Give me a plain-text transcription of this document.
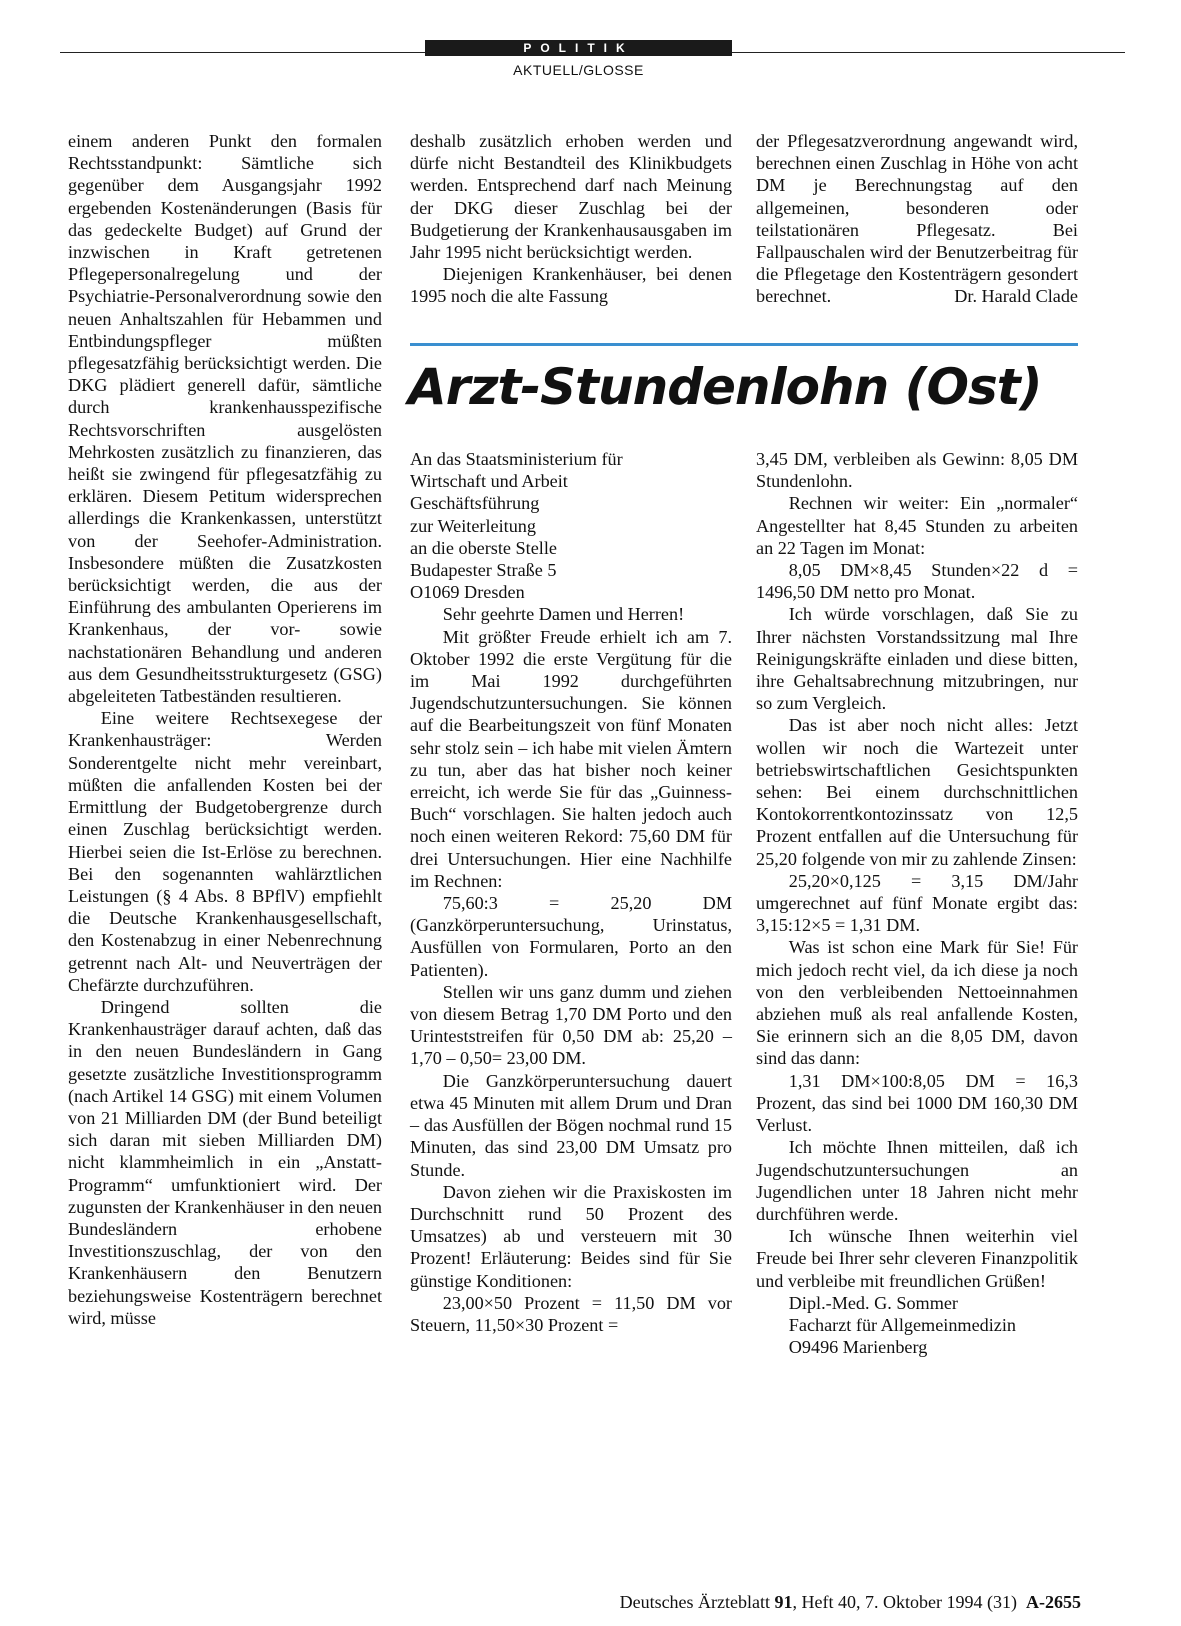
POLITIK
AKTUELL/GLOSSE

einem anderen Punkt den formalen Rechtsstandpunkt: Sämtliche sich gegenüber dem Ausgangsjahr 1992 ergebenden Kostenänderungen (Basis für das gedeckelte Budget) auf Grund der inzwischen in Kraft getretenen Pflegepersonalregelung und der Psychiatrie-Personalverordnung sowie den neuen Anhaltszahlen für Hebammen und Entbindungspfleger müßten pflegesatzfähig berücksichtigt werden. Die DKG plädiert generell dafür, sämtliche durch krankenhausspezifische Rechtsvorschriften ausgelösten Mehrkosten zusätzlich zu finanzieren, das heißt sie zwingend für pflegesatzfähig zu erklären. Diesem Petitum widersprechen allerdings die Krankenkassen, unterstützt von der Seehofer-Administration. Insbesondere müßten die Zusatzkosten berücksichtigt werden, die aus der Einführung des ambulanten Operierens im Krankenhaus, der vor- sowie nachstationären Behandlung und anderen aus dem Gesundheitsstrukturgesetz (GSG) abgeleiteten Tatbeständen resultieren.

Eine weitere Rechtsexegese der Krankenhausträger: Werden Sonderentgelte nicht mehr vereinbart, müßten die anfallenden Kosten bei der Ermittlung der Budgetobergrenze durch einen Zuschlag berücksichtigt werden. Hierbei seien die Ist-Erlöse zu berechnen. Bei den sogenannten wahlärztlichen Leistungen (§ 4 Abs. 8 BPflV) empfiehlt die Deutsche Krankenhausgesellschaft, den Kostenabzug in einer Nebenrechnung getrennt nach Alt- und Neuverträgen der Chefärzte durchzuführen.

Dringend sollten die Krankenhausträger darauf achten, daß das in den neuen Bundesländern in Gang gesetzte zusätzliche Investitionsprogramm (nach Artikel 14 GSG) mit einem Volumen von 21 Milliarden DM (der Bund beteiligt sich daran mit sieben Milliarden DM) nicht klammheimlich in ein „Anstatt-Programm“ umfunktioniert wird. Der zugunsten der Krankenhäuser in den neuen Bundesländern erhobene Investitionszuschlag, der von den Krankenhäusern den Benutzern beziehungsweise Kostenträgern berechnet wird, müsse

deshalb zusätzlich erhoben werden und dürfe nicht Bestandteil des Klinikbudgets werden. Entsprechend darf nach Meinung der DKG dieser Zuschlag bei der Budgetierung der Krankenhausausgaben im Jahr 1995 nicht berücksichtigt werden.

Diejenigen Krankenhäuser, bei denen 1995 noch die alte Fassung

der Pflegesatzverordnung angewandt wird, berechnen einen Zuschlag in Höhe von acht DM je Berechnungstag auf den allgemeinen, besonderen oder teilstationären Pflegesatz. Bei Fallpauschalen wird der Benutzerbeitrag für die Pflegetage den Kostenträgern gesondert berechnet.	Dr. Harald Clade

Arzt-Stundenlohn (Ost)

An das Staatsministerium für

Wirtschaft und Arbeit

Geschäftsführung

zur Weiterleitung

an die oberste Stelle

Budapester Straße 5

O1069 Dresden

Sehr geehrte Damen und Herren!

Mit größter Freude erhielt ich am 7. Oktober 1992 die erste Vergütung für die im Mai 1992 durchgeführten Jugendschutzuntersuchungen. Sie können auf die Bearbeitungszeit von fünf Monaten sehr stolz sein – ich habe mit vielen Ämtern zu tun, aber das hat bisher noch keiner erreicht, ich werde Sie für das „Guinness-Buch“ vorschlagen. Sie halten jedoch auch noch einen weiteren Rekord: 75,60 DM für drei Untersuchungen. Hier eine Nachhilfe im Rechnen:

75,60:3 = 25,20 DM (Ganzkörperuntersuchung, Urinstatus, Ausfüllen von Formularen, Porto an den Patienten).

Stellen wir uns ganz dumm und ziehen von diesem Betrag 1,70 DM Porto und den Urinteststreifen für 0,50 DM ab: 25,20 – 1,70 – 0,50= 23,00 DM.

Die Ganzkörperuntersuchung dauert etwa 45 Minuten mit allem Drum und Dran – das Ausfüllen der Bögen nochmal rund 15 Minuten, das sind 23,00 DM Umsatz pro Stunde.

Davon ziehen wir die Praxiskosten im Durchschnitt rund 50 Prozent des Umsatzes) ab und versteuern mit 30 Prozent! Erläuterung: Beides sind für Sie günstige Konditionen:

23,00×50 Prozent = 11,50 DM vor Steuern, 11,50×30 Prozent =

3,45 DM, verbleiben als Gewinn: 8,05 DM Stundenlohn.

Rechnen wir weiter: Ein „normaler“ Angestellter hat 8,45 Stunden zu arbeiten an 22 Tagen im Monat:

8,05 DM×8,45 Stunden×22 d = 1496,50 DM netto pro Monat.

Ich würde vorschlagen, daß Sie zu Ihrer nächsten Vorstandssitzung mal Ihre Reinigungskräfte einladen und diese bitten, ihre Gehaltsabrechnung mitzubringen, nur so zum Vergleich.

Das ist aber noch nicht alles: Jetzt wollen wir noch die Wartezeit unter betriebswirtschaftlichen Gesichtspunkten sehen: Bei einem durchschnittlichen Kontokorrentkontozinssatz von 12,5 Prozent entfallen auf die Untersuchung für 25,20 folgende von mir zu zahlende Zinsen:

25,20×0,125 = 3,15 DM/Jahr umgerechnet auf fünf Monate ergibt das: 3,15:12×5 = 1,31 DM.

Was ist schon eine Mark für Sie! Für mich jedoch recht viel, da ich diese ja noch von den verbleibenden Nettoeinnahmen abziehen muß als real anfallende Kosten, Sie erinnern sich an die 8,05 DM, davon sind das dann:

1,31 DM×100:8,05 DM = 16,3 Prozent, das sind bei 1000 DM 160,30 DM Verlust.

Ich möchte Ihnen mitteilen, daß ich Jugendschutzuntersuchungen an Jugendlichen unter 18 Jahren nicht mehr durchführen werde.

Ich wünsche Ihnen weiterhin viel Freude bei Ihrer sehr cleveren Finanzpolitik und verbleibe mit freundlichen Grüßen!

Dipl.-Med. G. Sommer

Facharzt für Allgemeinmedizin

O9496 Marienberg

Deutsches Ärzteblatt 91, Heft 40, 7. Oktober 1994 (31) A-2655
